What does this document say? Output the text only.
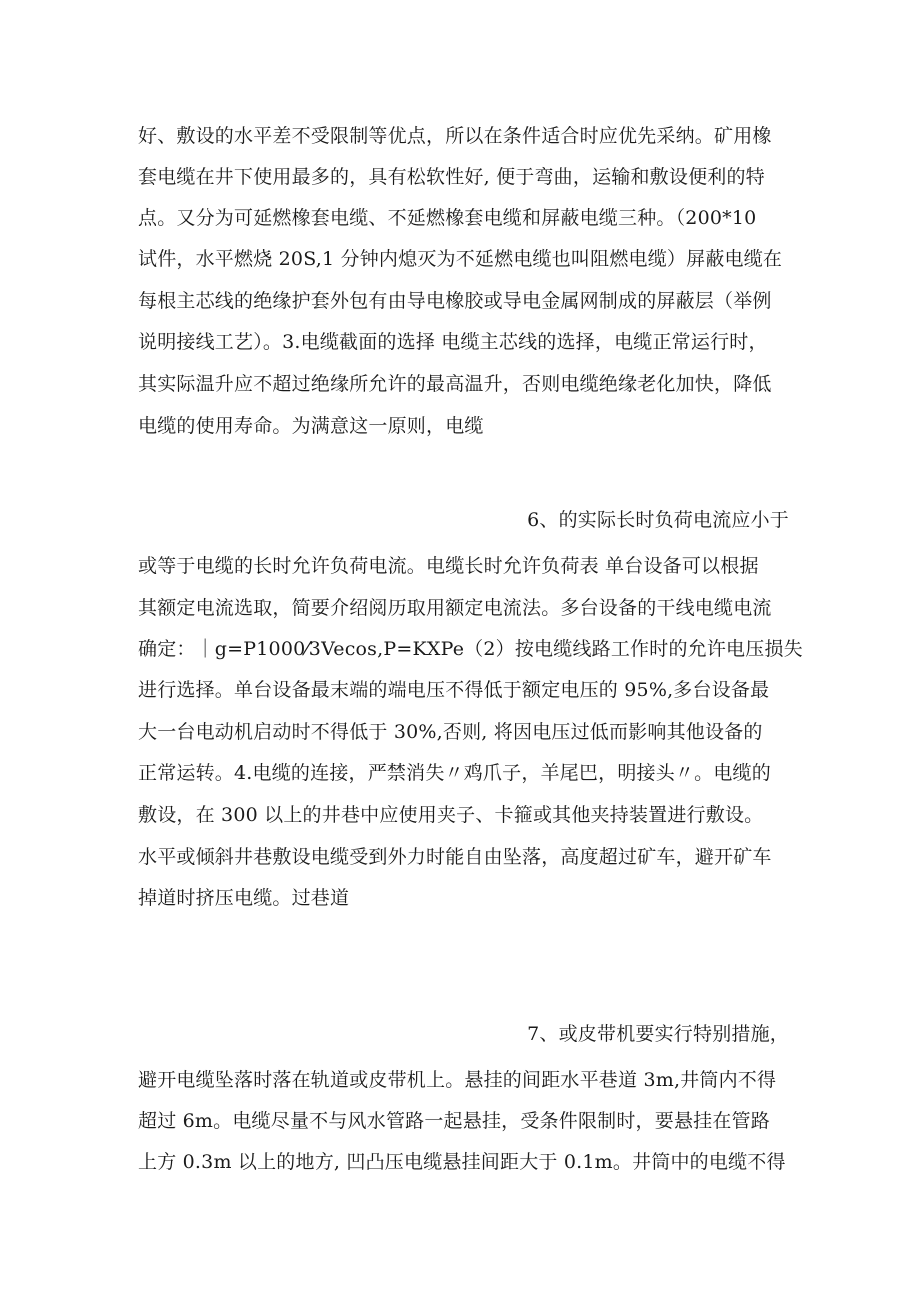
好、敷设的水平差不受限制等优点，所以在条件适合时应优先采纳。矿用橡
套电缆在井下使用最多的，具有松软性好, 便于弯曲，运输和敷设便利的特
点。又分为可延燃橡套电缆、不延燃橡套电缆和屏蔽电缆三种。（200*10
试件，水平燃烧 20S,1 分钟内熄灭为不延燃电缆也叫阻燃电缆）屏蔽电缆在
每根主芯线的绝缘护套外包有由导电橡胶或导电金属网制成的屏蔽层（举例
说明接线工艺）。3.电缆截面的选择 电缆主芯线的选择，电缆正常运行时，
其实际温升应不超过绝缘所允许的最高温升，否则电缆绝缘老化加快，降低
电缆的使用寿命。为满意这一原则，电缆
6、的实际长时负荷电流应小于
或等于电缆的长时允许负荷电流。电缆长时允许负荷表 单台设备可以根据
其额定电流选取，简要介绍阅历取用额定电流法。多台设备的干线电缆电流
确定：｜g=P1000⁄3Vecos,P=KXPe（2）按电缆线路工作时的允许电压损失
进行选择。单台设备最末端的端电压不得低于额定电压的 95%,多台设备最
大一台电动机启动时不得低于 30%,否则, 将因电压过低而影响其他设备的
正常运转。4.电缆的连接，严禁消失〃鸡爪子，羊尾巴，明接头〃。电缆的
敷设，在 300 以上的井巷中应使用夹子、卡箍或其他夹持装置进行敷设。
水平或倾斜井巷敷设电缆受到外力时能自由坠落，高度超过矿车，避开矿车
掉道时挤压电缆。过巷道
7、或皮带机要实行特别措施，
避开电缆坠落时落在轨道或皮带机上。悬挂的间距水平巷道 3m,井筒内不得
超过 6m。电缆尽量不与风水管路一起悬挂，受条件限制时，要悬挂在管路
上方 0.3m 以上的地方, 凹凸压电缆悬挂间距大于 0.1m。井筒中的电缆不得
